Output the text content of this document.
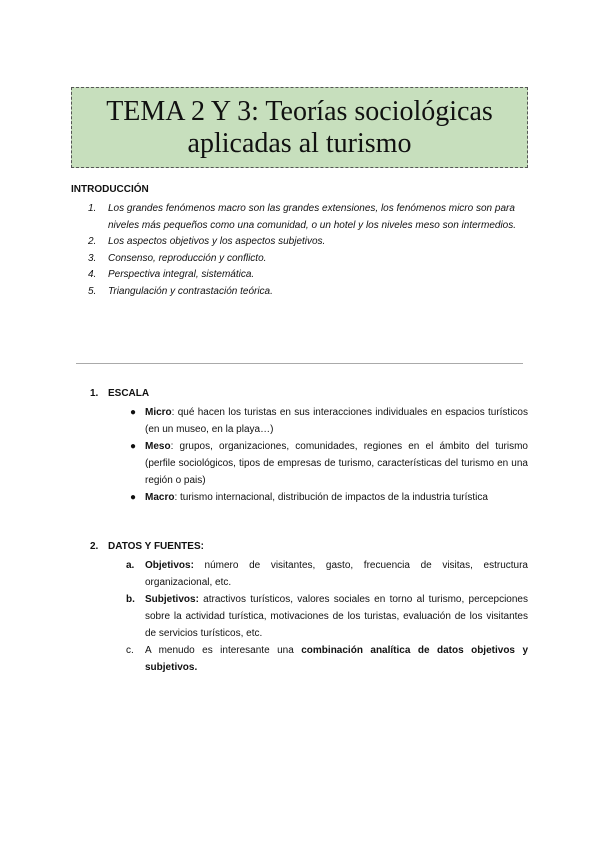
TEMA 2 Y 3: Teorías sociológicas
aplicadas al turismo
INTRODUCCIÓN
1. Los grandes fenómenos macro son las grandes extensiones, los fenómenos micro son para niveles más pequeños como una comunidad, o un hotel y los niveles meso son intermedios.
2. Los aspectos objetivos y los aspectos subjetivos.
3. Consenso, reproducción y conflicto.
4. Perspectiva integral, sistemática.
5. Triangulación y contrastación teórica.
1. ESCALA
● Micro: qué hacen los turistas en sus interacciones individuales en espacios turísticos (en un museo, en la playa…)
● Meso: grupos, organizaciones, comunidades, regiones en el ámbito del turismo (perfile sociológicos, tipos de empresas de turismo, características del turismo en una región o pais)
● Macro: turismo internacional, distribución de impactos de la industria turística
2. DATOS Y FUENTES:
a. Objetivos: número de visitantes, gasto, frecuencia de visitas, estructura organizacional, etc.
b. Subjetivos: atractivos turísticos, valores sociales en torno al turismo, percepciones sobre la actividad turística, motivaciones de los turistas, evaluación de los visitantes de servicios turísticos, etc.
c. A menudo es interesante una combinación analítica de datos objetivos y subjetivos.
